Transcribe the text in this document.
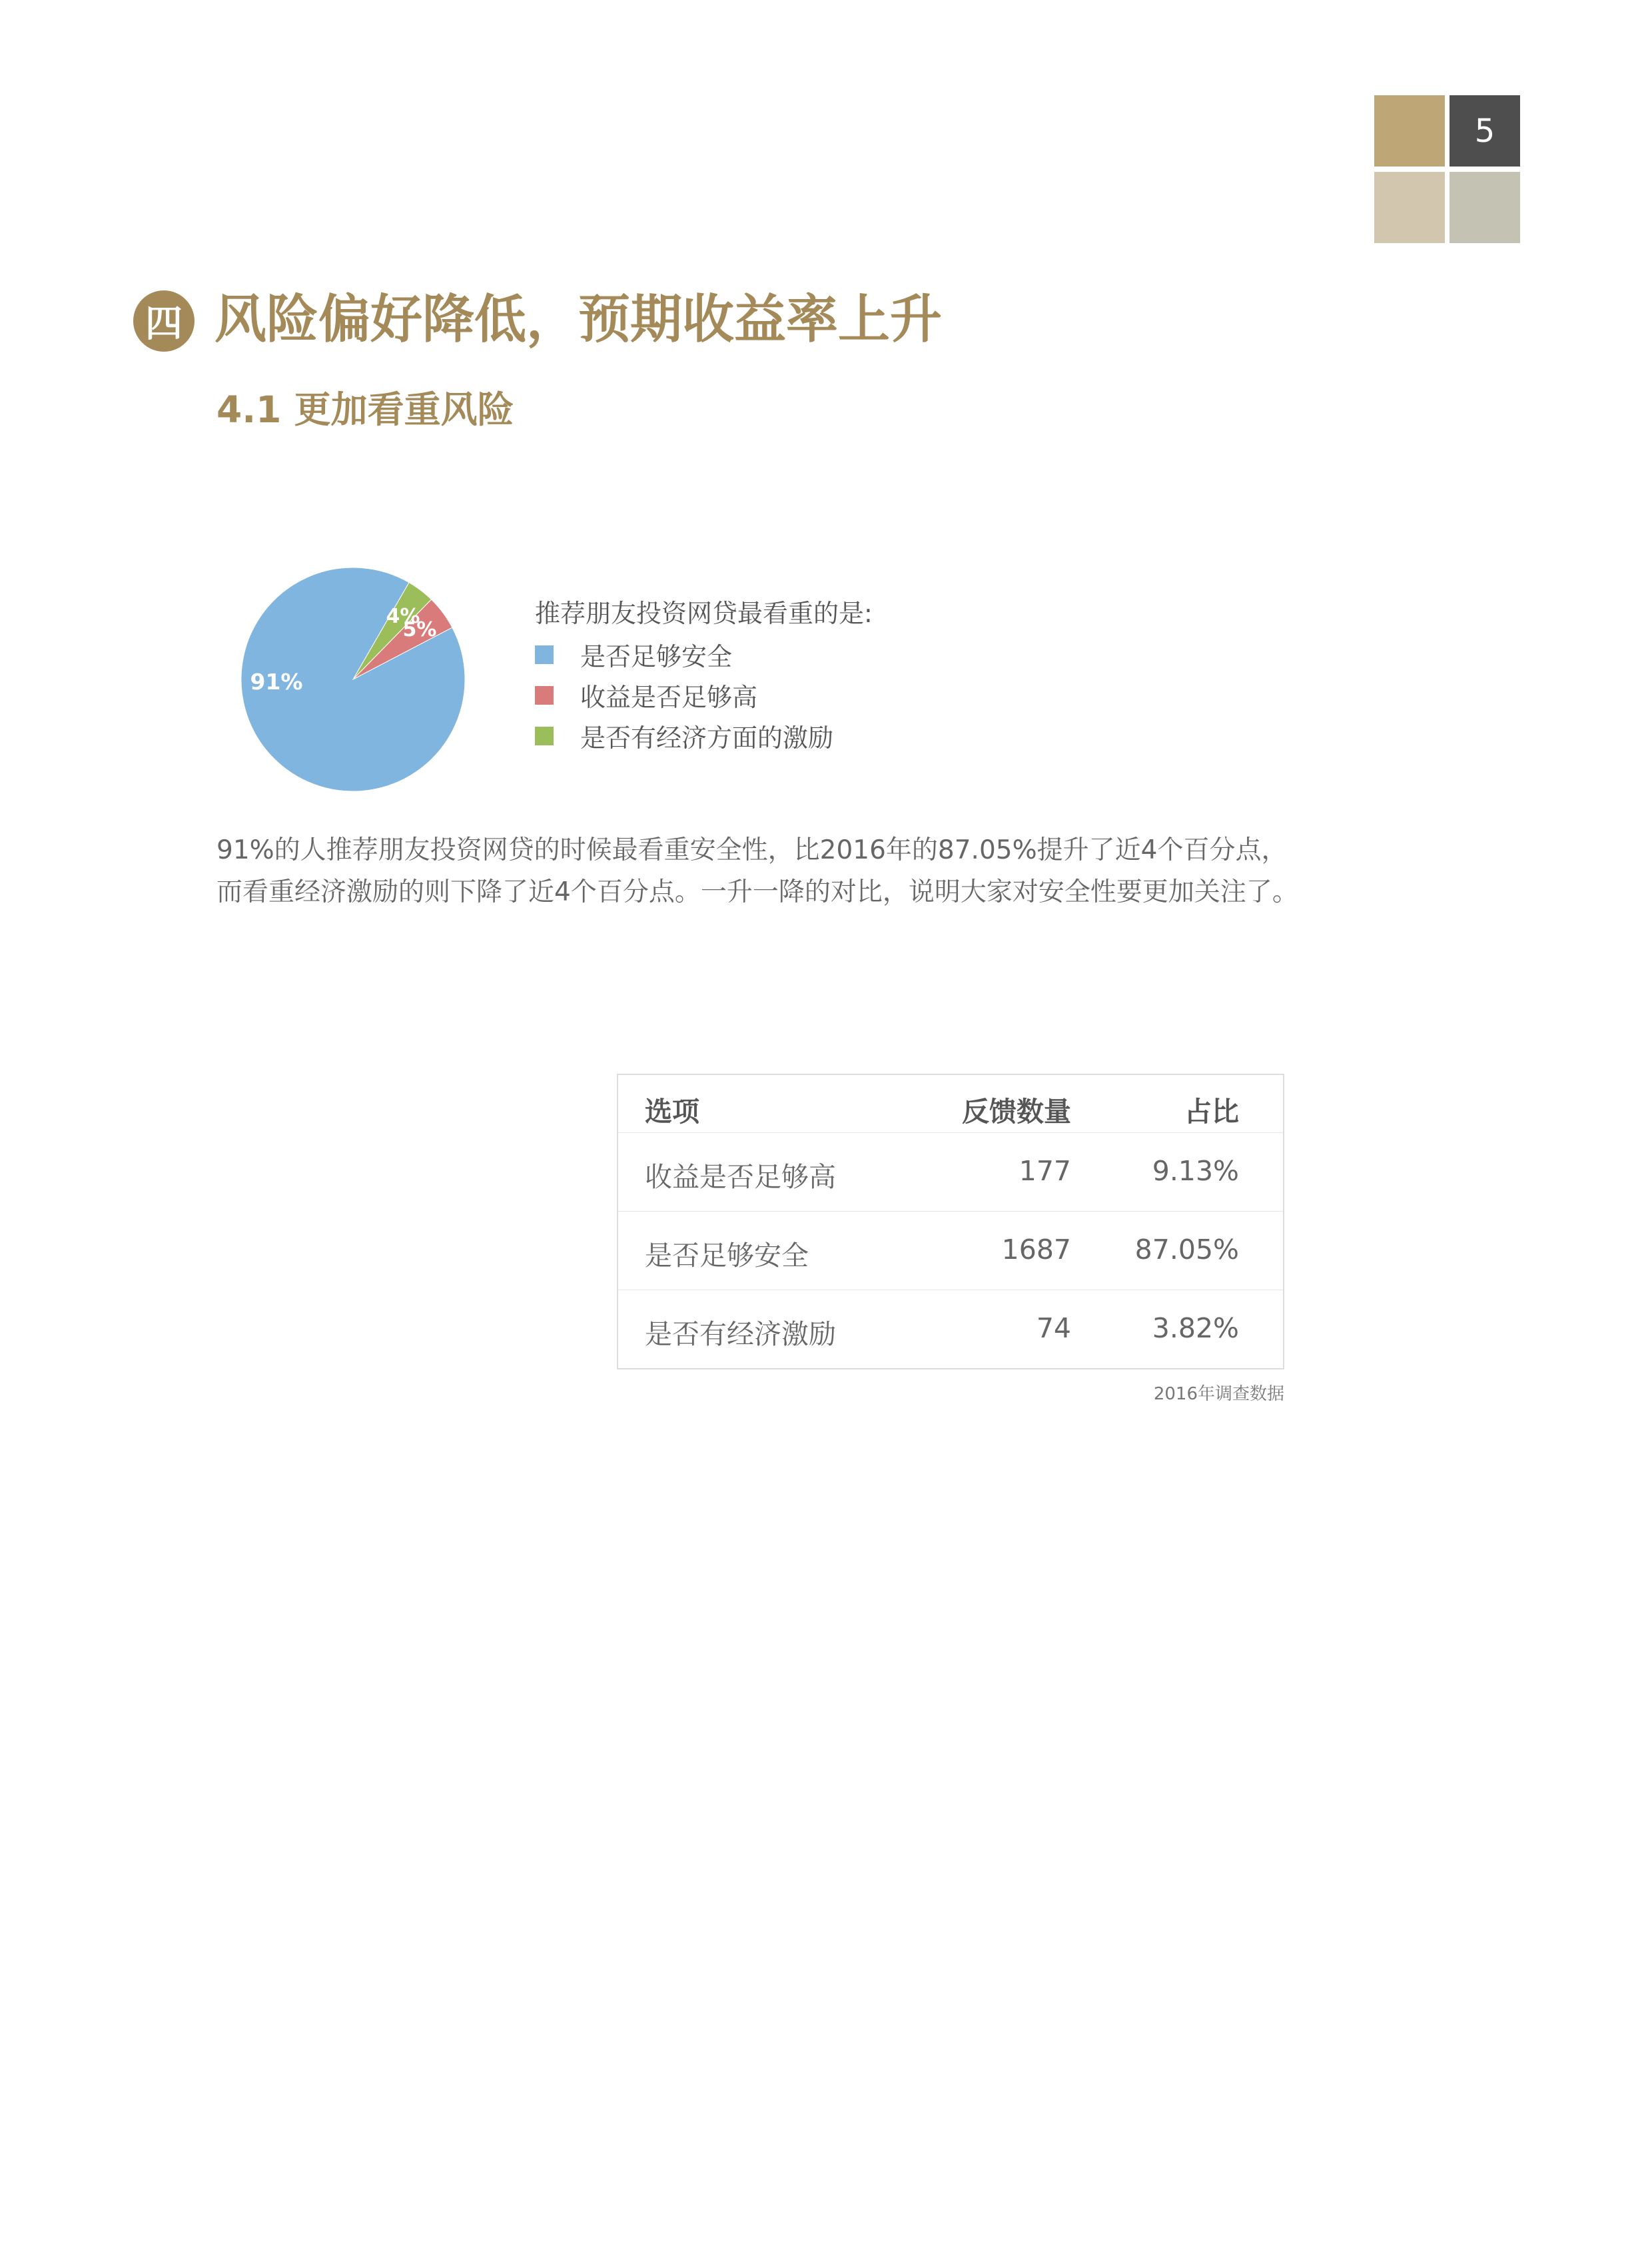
5
四 风险偏好降低，预期收益率上升
4.1 更加看重风险
91%
5%
4%	推荐朋友投资网贷最看重的是:
是否足够安全
收益是否足够高
是否有经济方面的激励
91%的人推荐朋友投资网贷的时候最看重安全性，比2016年的87.05%提升了近4个百分点，而看重经济激励的则下降了近4个百分点。一升一降的对比，说明大家对安全性要更加关注了。
选项	反馈数量	占比
收益是否足够高	177	9.13%
是否足够安全	1687 87.05%
是否有经济激励	74	3.82%
2016年调查数据
